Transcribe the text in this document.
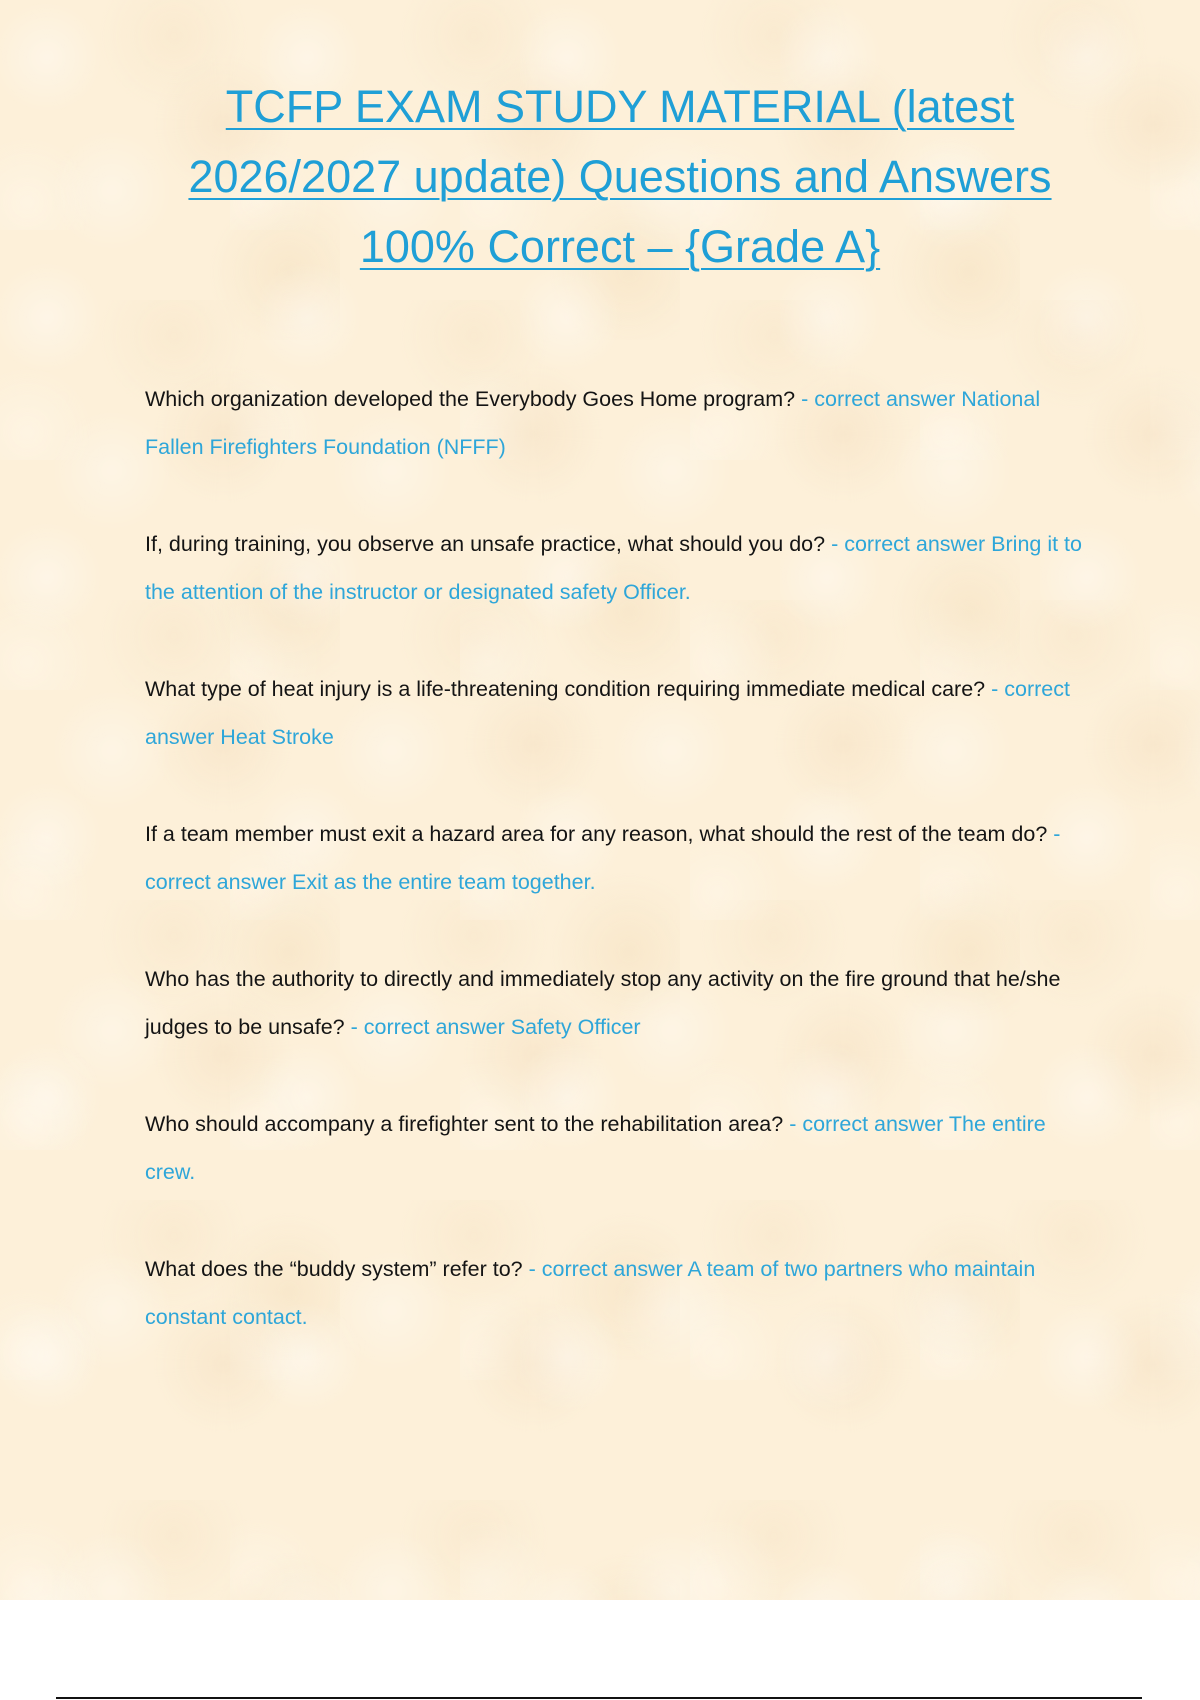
TCFP EXAM STUDY MATERIAL (latest 2026/2027 update) Questions and Answers 100% Correct – {Grade A}

Which organization developed the Everybody Goes Home program? - correct answer National Fallen Firefighters Foundation (NFFF)

If, during training, you observe an unsafe practice, what should you do? - correct answer Bring it to the attention of the instructor or designated safety Officer.

What type of heat injury is a life-threatening condition requiring immediate medical care? - correct answer Heat Stroke

If a team member must exit a hazard area for any reason, what should the rest of the team do? - correct answer Exit as the entire team together.

Who has the authority to directly and immediately stop any activity on the fire ground that he/she judges to be unsafe? - correct answer Safety Officer

Who should accompany a firefighter sent to the rehabilitation area? - correct answer The entire crew.

What does the “buddy system” refer to? - correct answer A team of two partners who maintain constant contact.
